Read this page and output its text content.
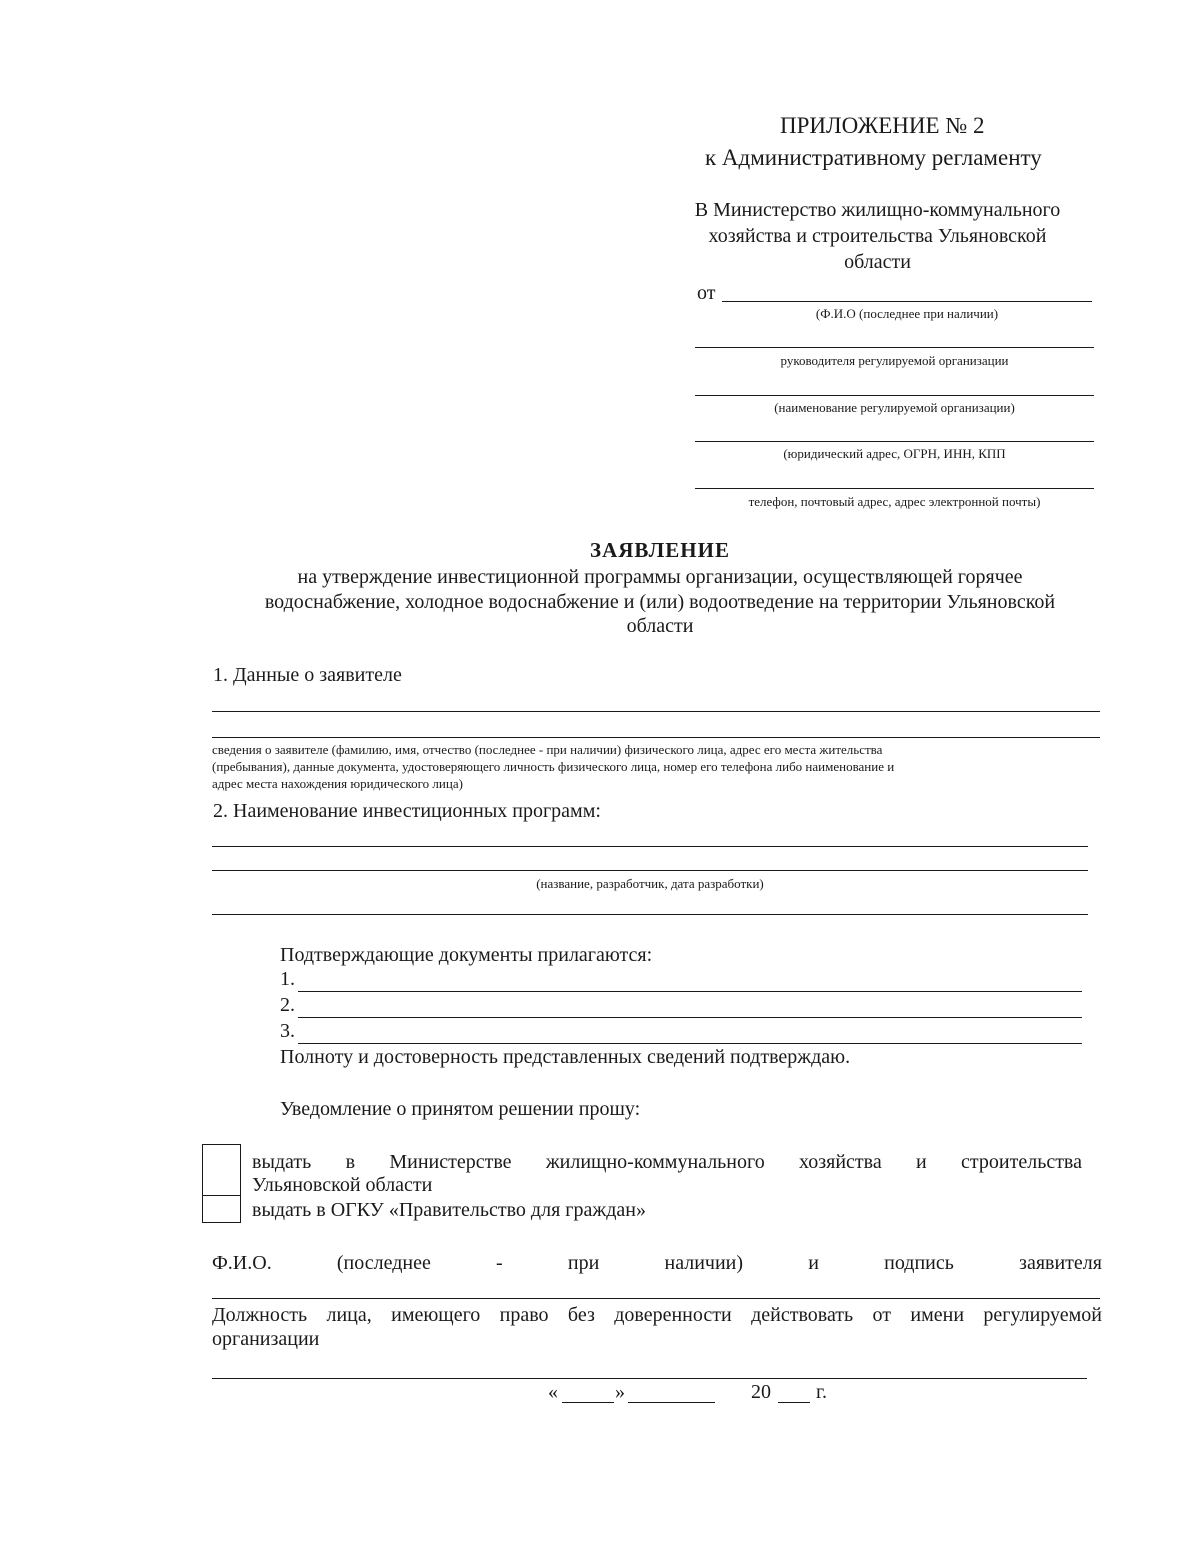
ПРИЛОЖЕНИЕ № 2
к Административному регламенту
В Министерство жилищно-коммунального
хозяйства и строительства Ульяновской
области
от
(Ф.И.О (последнее при наличии)
руководителя регулируемой организации
(наименование регулируемой организации)
(юридический адрес, ОГРН, ИНН, КПП
телефон, почтовый адрес, адрес электронной почты)
ЗАЯВЛЕНИЕ
на утверждение инвестиционной программы организации, осуществляющей горячее
водоснабжение, холодное водоснабжение и (или) водоотведение на территории Ульяновской
области
1. Данные о заявителе
сведения о заявителе (фамилию, имя, отчество (последнее - при наличии) физического лица, адрес его места жительства
(пребывания), данные документа, удостоверяющего личность физического лица, номер его телефона либо наименование и
адрес места нахождения юридического лица)
2. Наименование инвестиционных программ:
(название, разработчик, дата разработки)
Подтверждающие документы прилагаются:
1.
2.
3.
Полноту и достоверность представленных сведений подтверждаю.
Уведомление о принятом решении прошу:
выдать в Министерстве жилищно-коммунального хозяйства и строительства
Ульяновской области
выдать в ОГКУ «Правительство для граждан»
Ф.И.О.	(последнее	-	при	наличии)	и	подпись	заявителя
Должность лица, имеющего право без доверенности действовать от имени регулируемой
организации
«	»	20 г.
